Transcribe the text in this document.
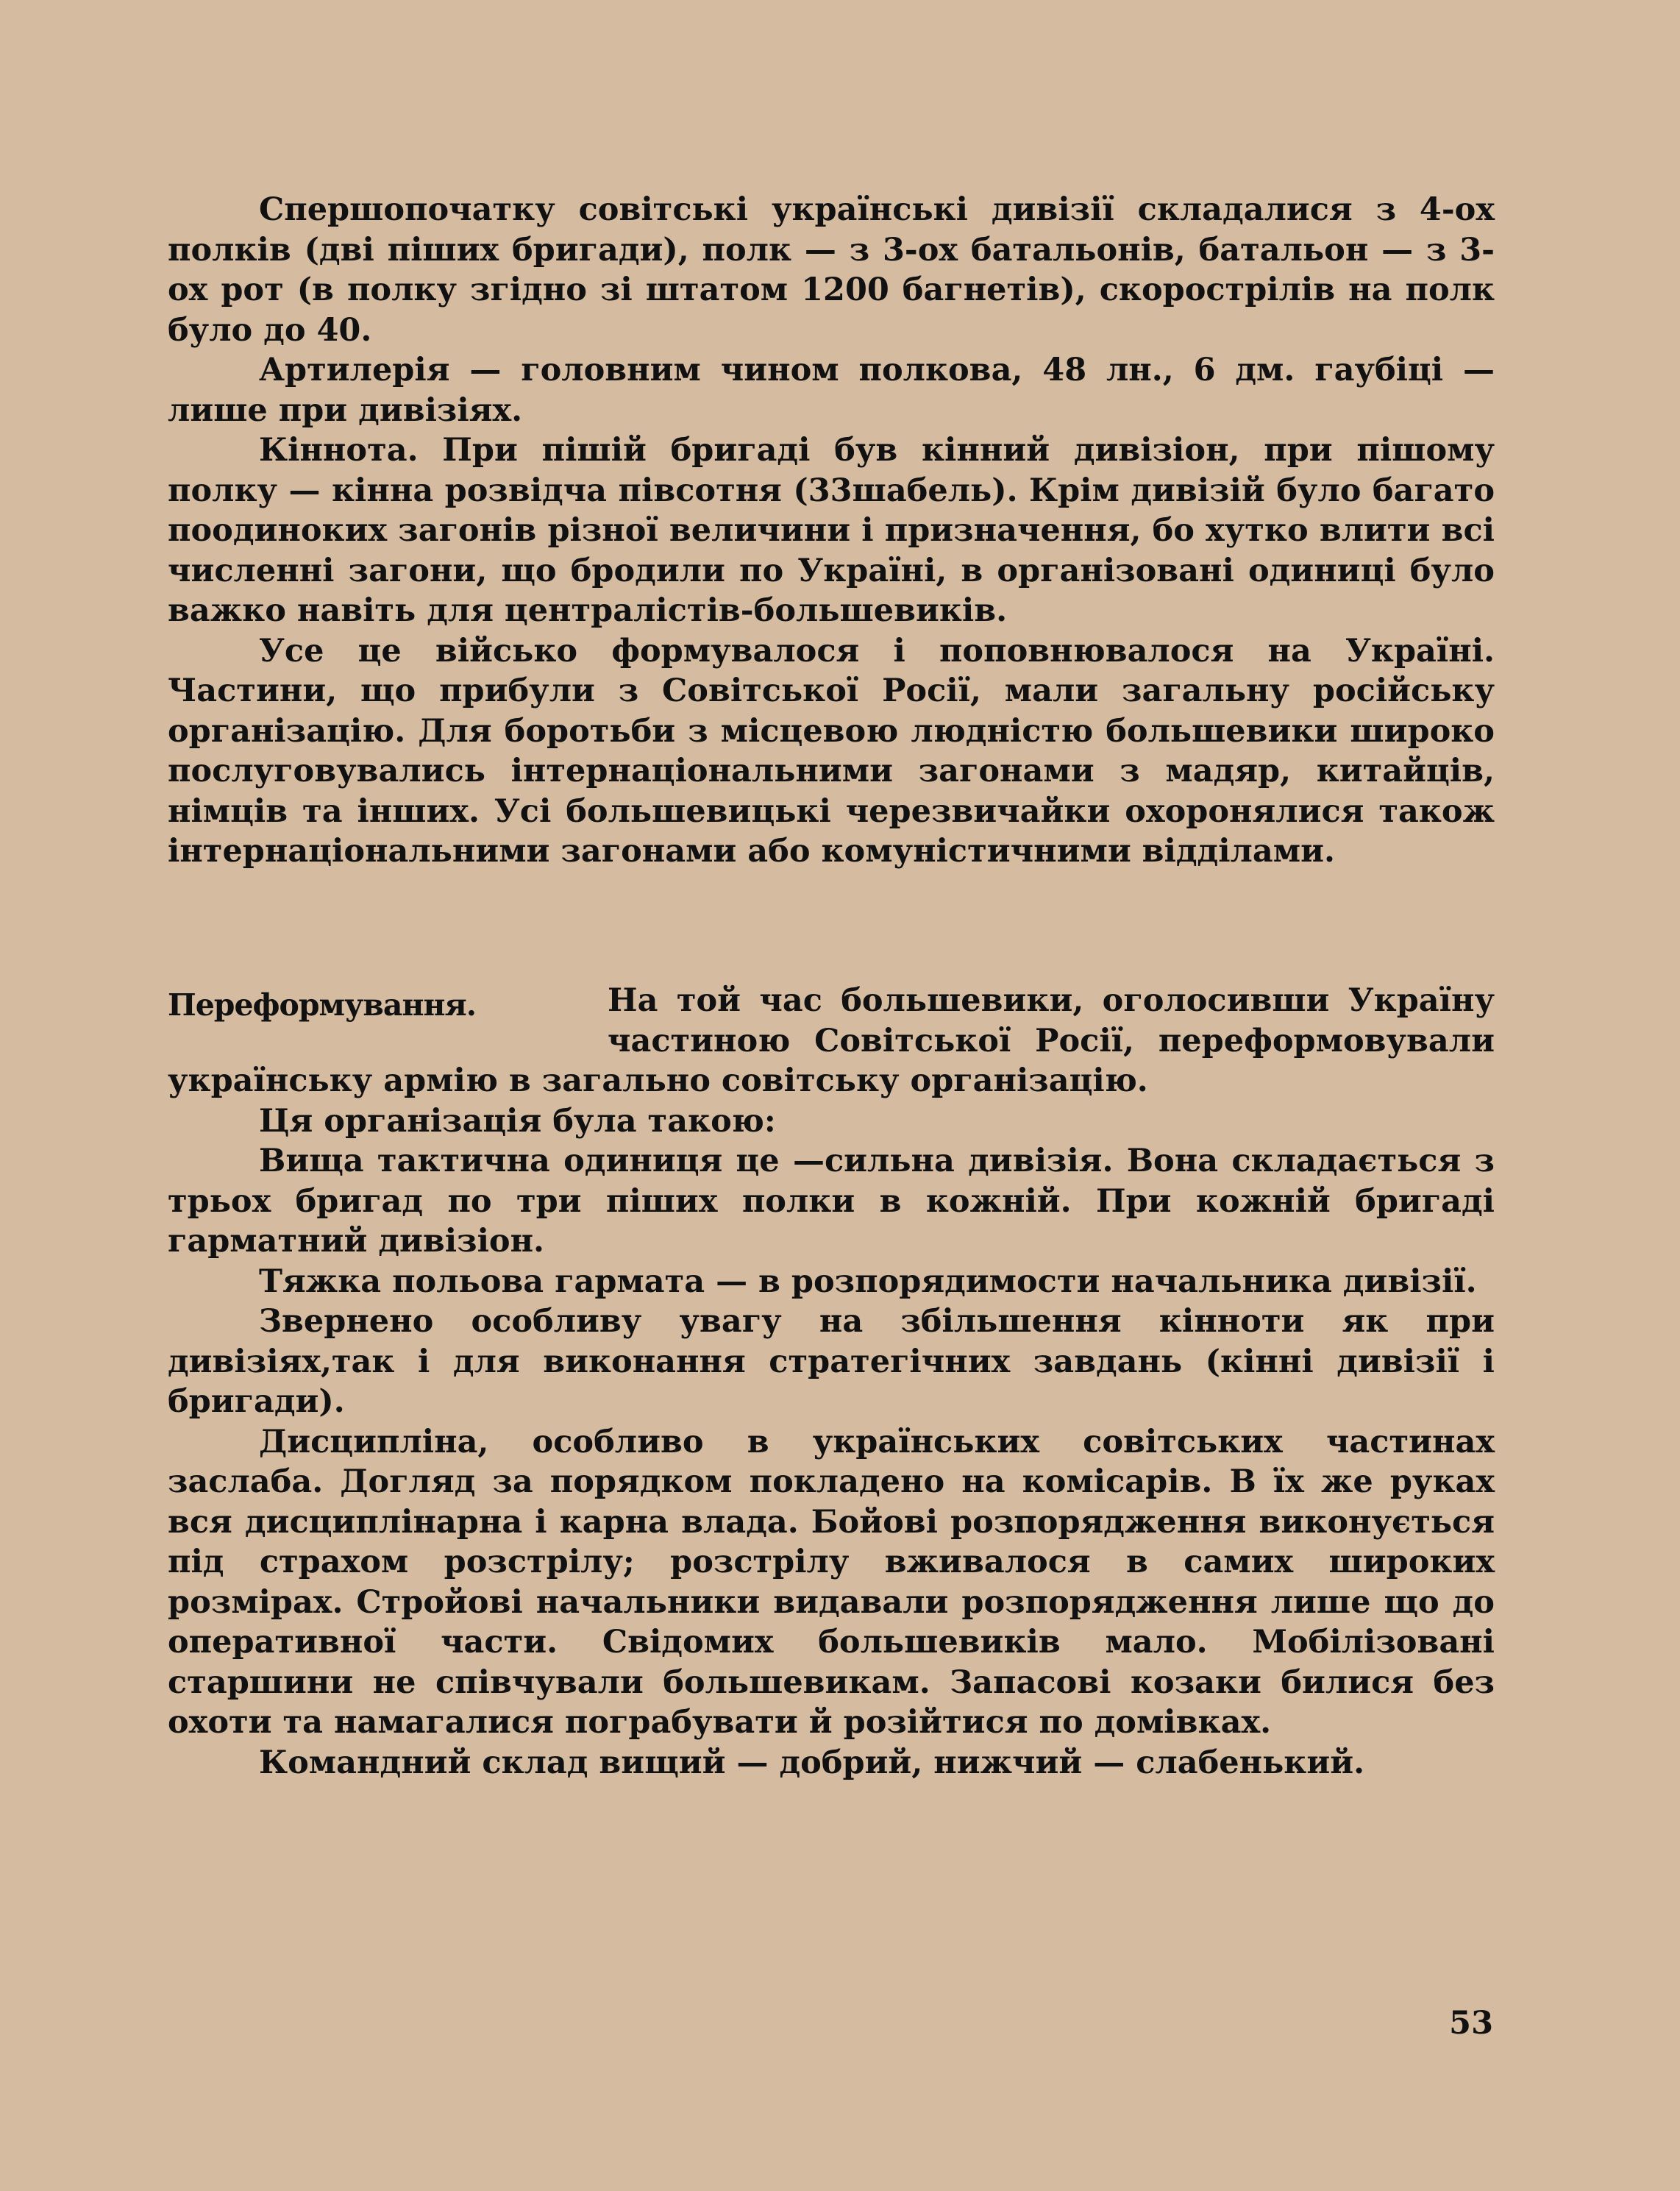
Спершопочатку совітські українські дивізії складалися з 4-ох полків (дві піших бригади), полк — з 3-ох батальонів, батальон — з 3-ох рот (в полку згідно зі штатом 1200 багнетів), скорострілів на полк було до 40.

Артилерія — головним чином полкова, 48 лн., 6 дм. гаубіці — лише при дивізіях.

Кіннота. При пішій бригаді був кінний дивізіон, при пішому полку — кінна розвідча півсотня (33шабель). Крім дивізій було багато поодиноких загонів різної величини і призначення, бо хутко влити всі численні загони, що бродили по Україні, в організовані одиниці було важко навіть для централістів-большевиків.

Усе це військо формувалося і поповнювалося на Україні. Частини, що прибули з Совітської Росії, мали загальну російську організацію. Для боротьби з місцевою людністю большевики широко послуговувались інтернаціональними загонами з мадяр, китайців, німців та інших. Усі большевицькі черезвичайки охоронялися також інтернаціональними загонами або комуністичними відділами.

Переформування.	На той час большевики, оголосивши Україну частиною Совітської Росії, переформовували українську армію в загально совітську організацію.

Ця організація була такою:

Вища тактична одиниця це —сильна дивізія. Вона складається з трьох бригад по три піших полки в кожній. При кожній бригаді гарматний дивізіон.

Тяжка польова гармата — в розпорядимости начальника дивізії.

Звернено особливу увагу на збільшення кінноти як при дивізіях,так і для виконання стратегічних завдань (кінні дивізії і бригади).

Дисципліна, особливо в українських совітських частинах заслаба. Догляд за порядком покладено на комісарів. В їх же руках вся дисциплінарна і карна влада. Бойові розпорядження виконується під страхом розстрілу; розстрілу вживалося в самих широких розмірах. Стройові начальники видавали розпорядження лише що до оперативної части. Свідомих большевиків мало. Мобілізовані старшини не співчували большевикам. Запасові козаки билися без охоти та намагалися пограбувати й розійтися по домівках.

Командний склад вищий — добрий, нижчий — слабенький.

53
